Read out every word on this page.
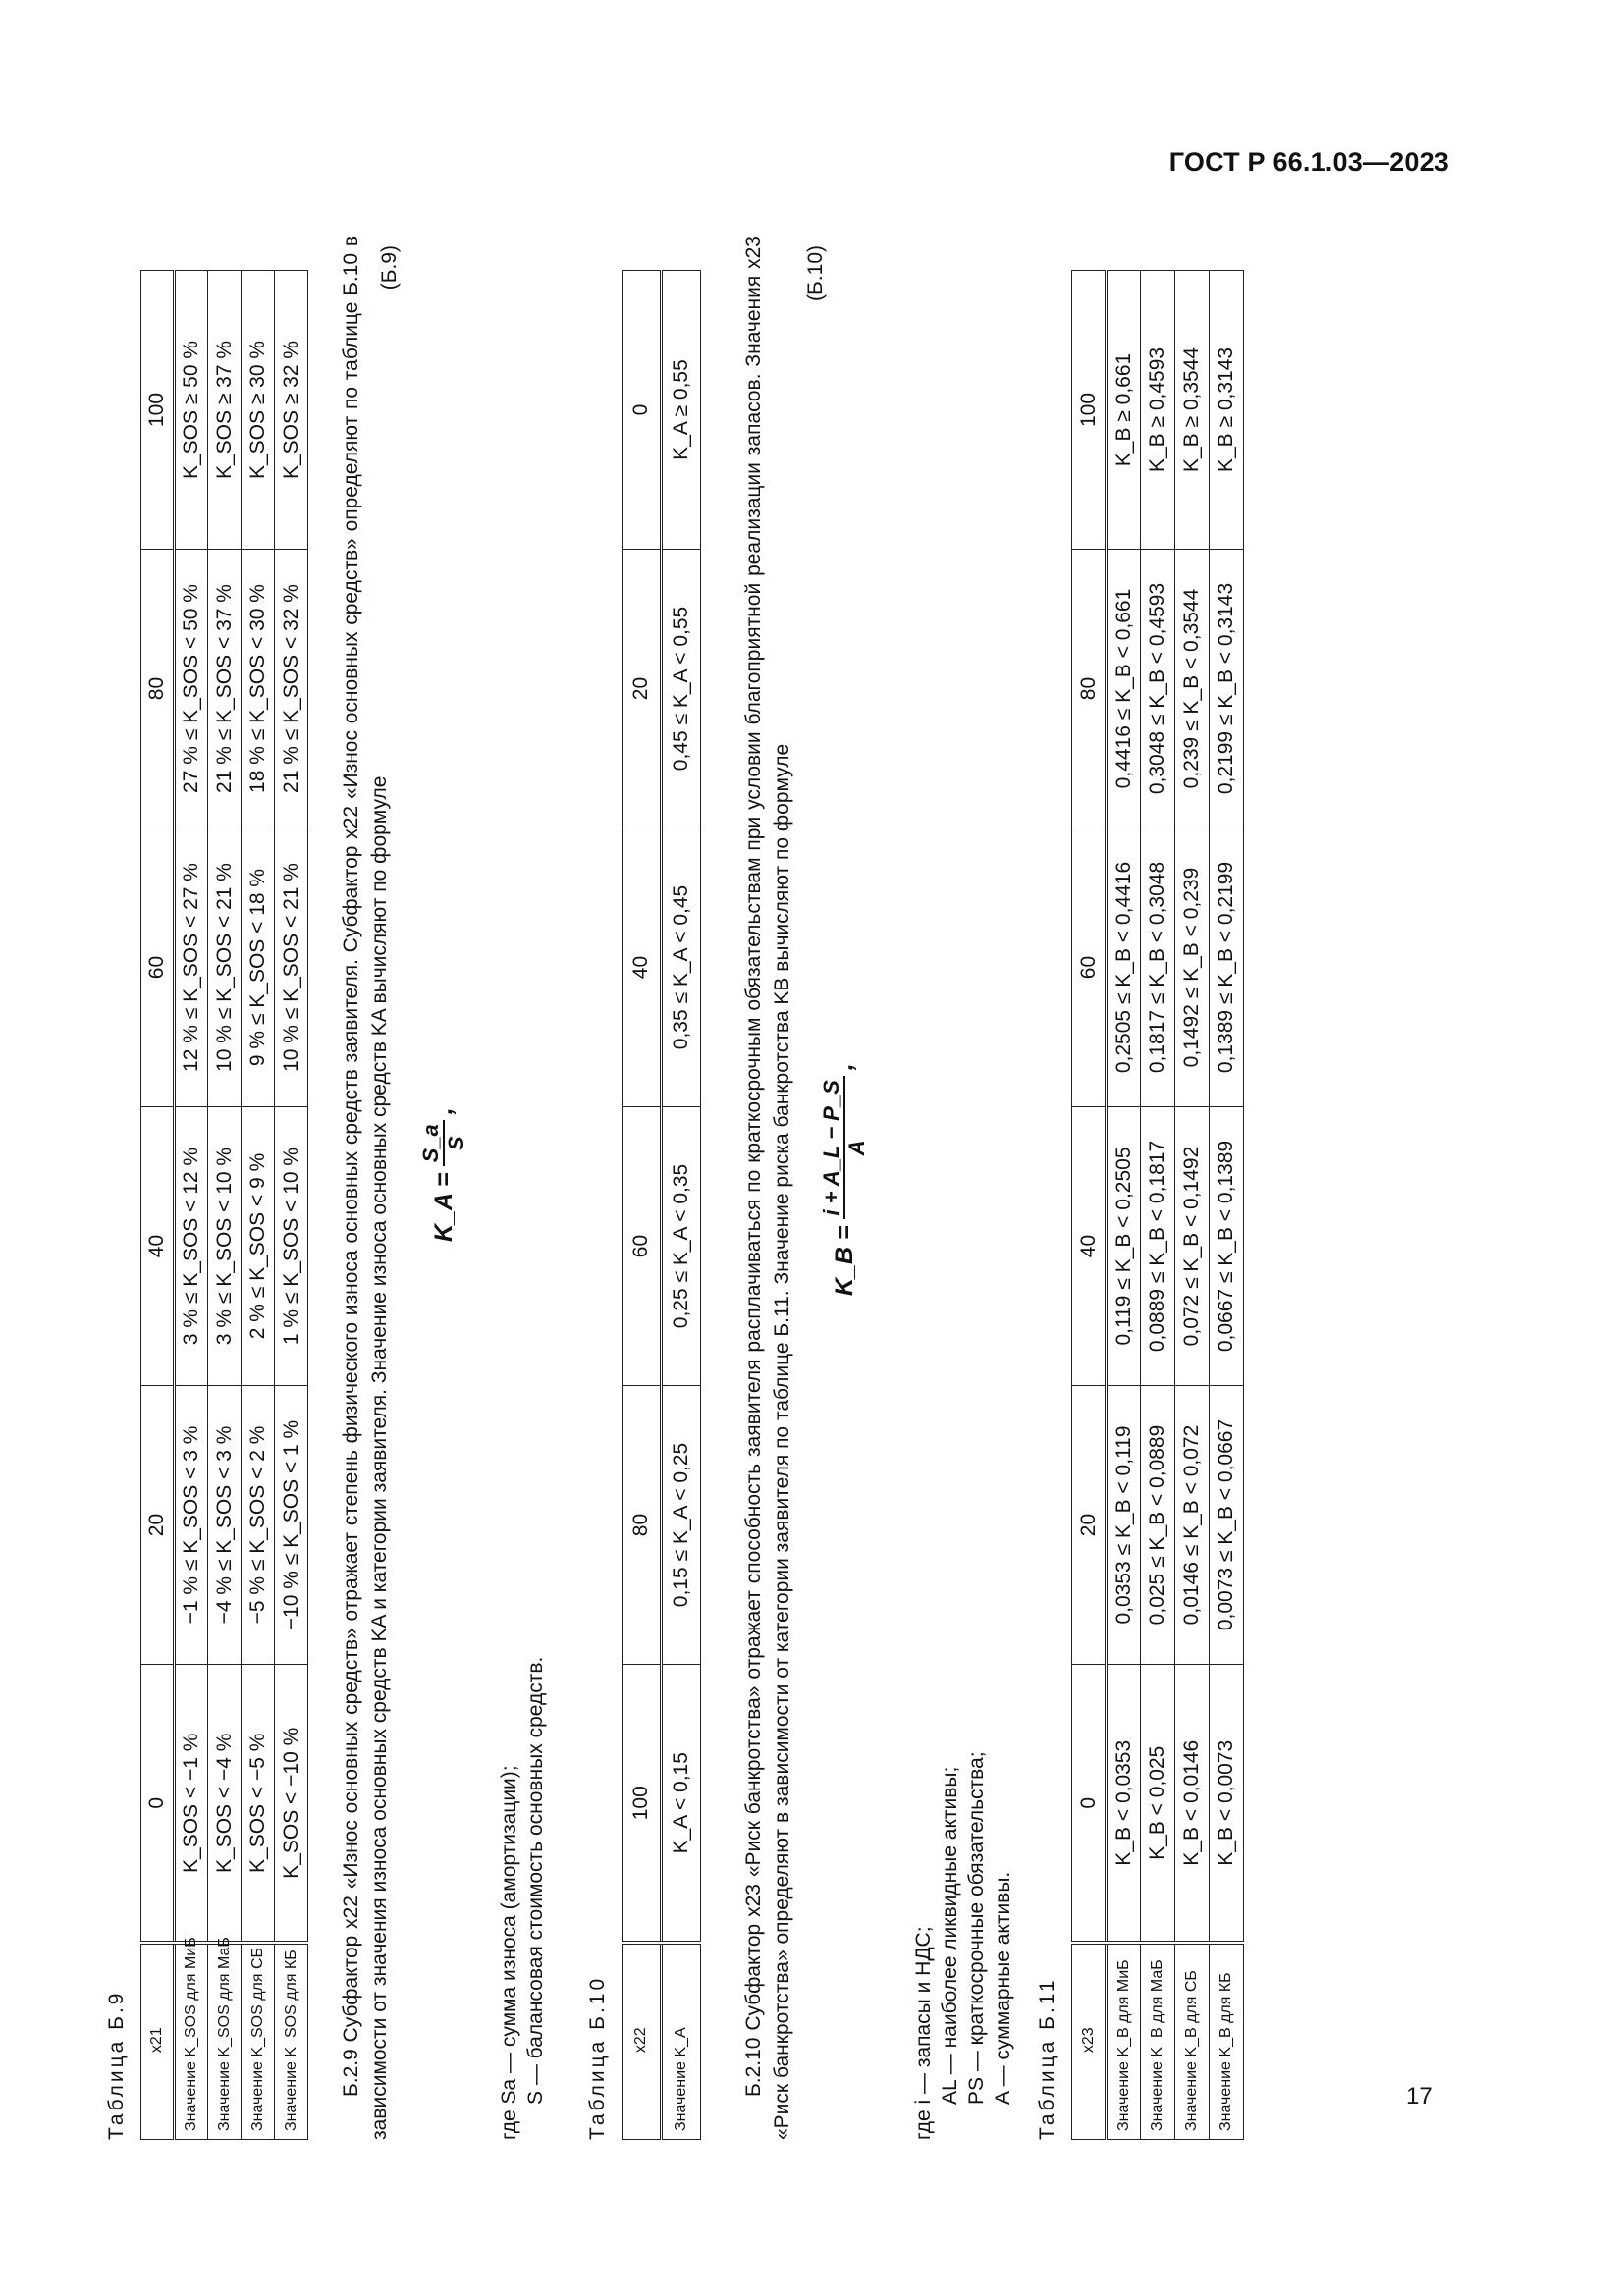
ГОСТ Р 66.1.03—2023
17
Таблица Б.9 x21	0	20	40	60	80	100
Значение K_SOS для МиБ	K_SOS < −1 %	−1 % ≤ K_SOS < 3 %	3 % ≤ K_SOS < 12 %	12 % ≤ K_SOS < 27 %	27 % ≤ K_SOS < 50 %	K_SOS ≥ 50 %
Значение K_SOS для МаБ	K_SOS < −4 %	−4 % ≤ K_SOS < 3 %	3 % ≤ K_SOS < 10 %	10 % ≤ K_SOS < 21 %	21 % ≤ K_SOS < 37 %	K_SOS ≥ 37 %
Значение K_SOS для СБ	K_SOS < −5 %	−5 % ≤ K_SOS < 2 %	2 % ≤ K_SOS < 9 %	9 % ≤ K_SOS < 18 %	18 % ≤ K_SOS < 30 %	K_SOS ≥ 30 %
Значение K_SOS для КБ	K_SOS < −10 %	−10 % ≤ K_SOS < 1 %	1 % ≤ K_SOS < 10 %	10 % ≤ K_SOS < 21 %	21 % ≤ K_SOS < 32 %	K_SOS ≥ 32 % Б.2.9 Субфактор x22 «Износ основных средств» отражает степень физического износа основных средств заявителя. Субфактор x22 «Износ основных средств» определяют по таблице Б.10 в зависимости от значения износа основных средств KA и категории заявителя. Значение износа основных средств KA вычисляют по формуле K_A =
S_a S
,
(Б.9)
где Sa — сумма износа (амортизации); S — балансовая стоимость основных средств. Таблица Б.10 x22	100	80	60	40	20	0
Значение K_A	K_A < 0,15	0,15 ≤ K_A < 0,25	0,25 ≤ K_A < 0,35	0,35 ≤ K_A < 0,45	0,45 ≤ K_A < 0,55	K_A ≥ 0,55 Б.2.10 Субфактор x23 «Риск банкротства» отражает способность заявителя расплачиваться по краткосрочным обязательствам при условии благоприятной реализации запасов. Значения x23 «Риск банкротства» определяют в зависимости от категории заявителя по таблице Б.11. Значение риска банкротства KB вычисляют по формуле K_B =
i + A_L − P_S A
,
(Б.10)
где i — запасы и НДС; AL — наиболее ликвидные активы; PS — краткосрочные обязательства; A — суммарные активы. Таблица Б.11 x23	0	20	40	60	80	100
Значение K_B для МиБ	K_B < 0,0353	0,0353 ≤ K_B < 0,119	0,119 ≤ K_B < 0,2505	0,2505 ≤ K_B < 0,4416	0,4416 ≤ K_B < 0,661	K_B ≥ 0,661
Значение K_B для МаБ	K_B < 0,025	0,025 ≤ K_B < 0,0889	0,0889 ≤ K_B < 0,1817	0,1817 ≤ K_B < 0,3048	0,3048 ≤ K_B < 0,4593	K_B ≥ 0,4593
Значение K_B для СБ	K_B < 0,0146	0,0146 ≤ K_B < 0,072	0,072 ≤ K_B < 0,1492	0,1492 ≤ K_B < 0,239	0,239 ≤ K_B < 0,3544	K_B ≥ 0,3544
Значение K_B для КБ	K_B < 0,0073	0,0073 ≤ K_B < 0,0667	0,0667 ≤ K_B < 0,1389	0,1389 ≤ K_B < 0,2199	0,2199 ≤ K_B < 0,3143	K_B ≥ 0,3143
